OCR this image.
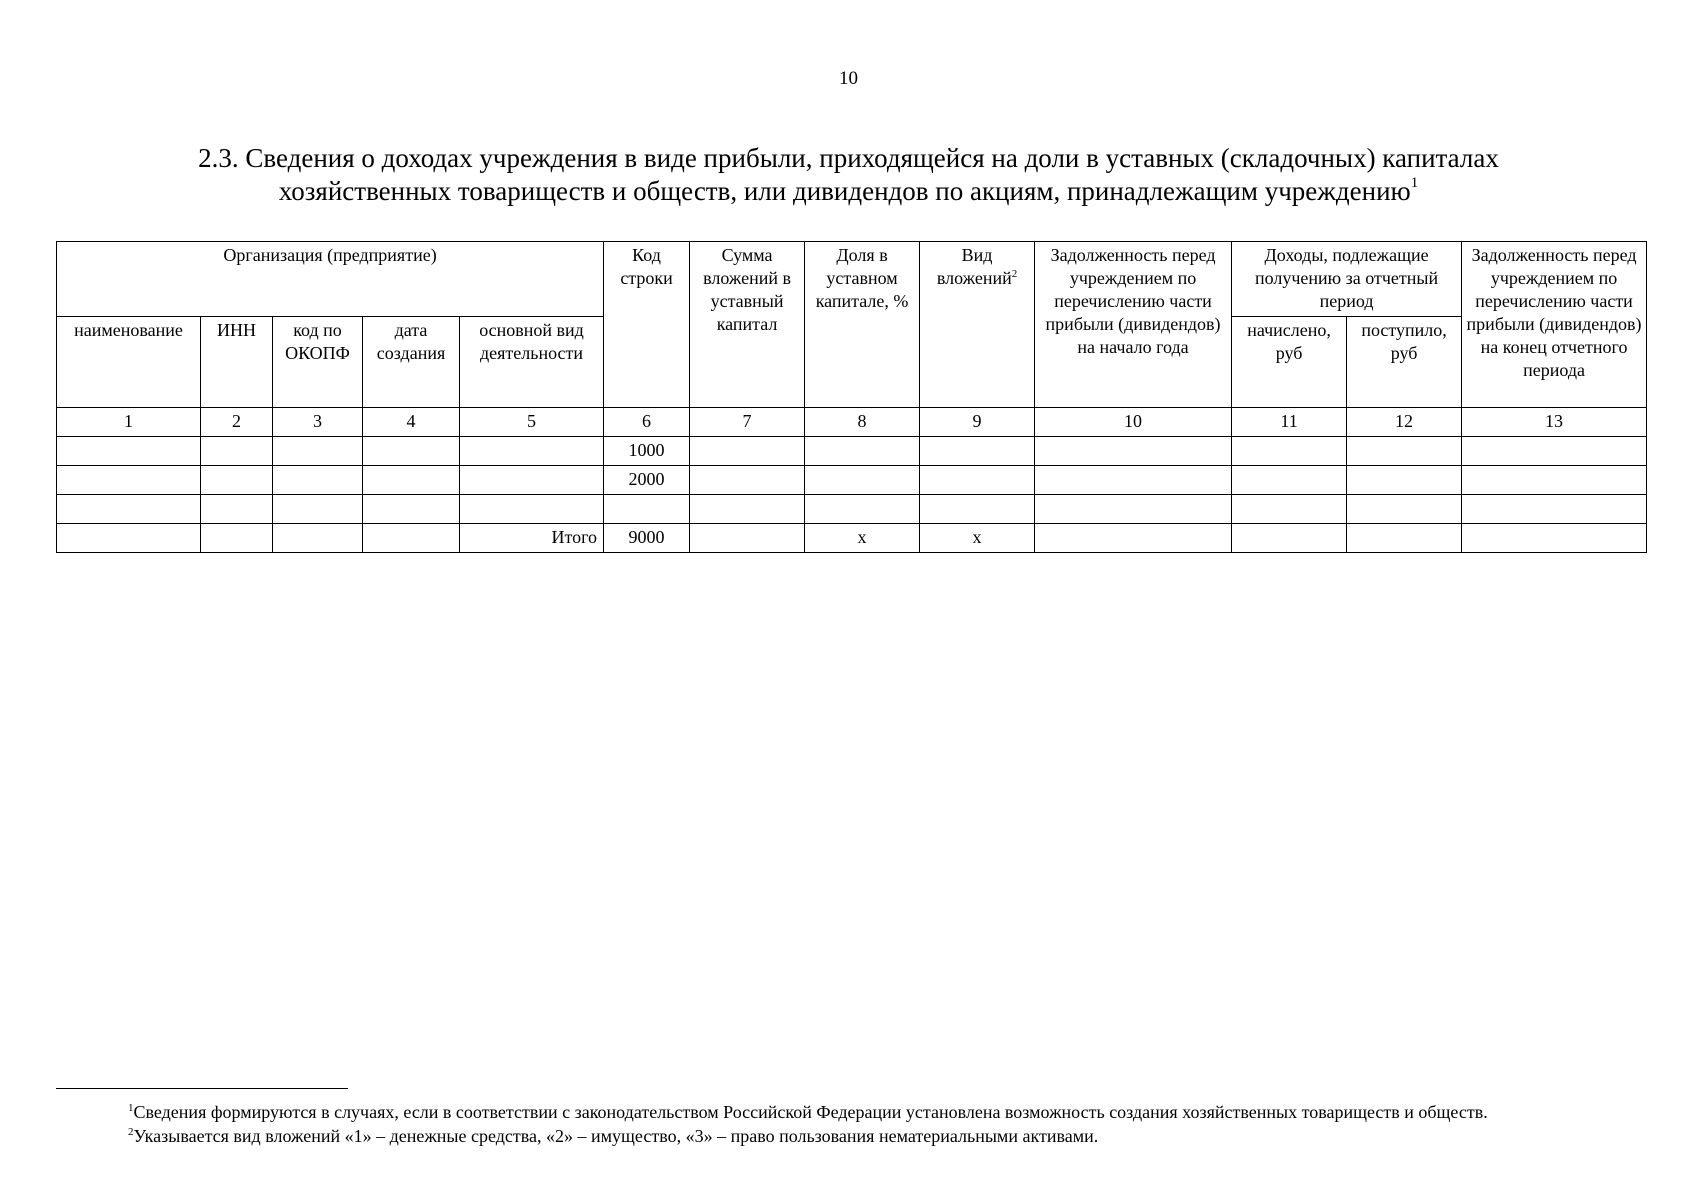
10
2.3. Сведения о доходах учреждения в виде прибыли, приходящейся на доли в уставных (складочных) капиталах
хозяйственных товариществ и обществ, или дивидендов по акциям, принадлежащим учреждению$^1$
Организация (предприятие)					Код строки	Сумма вложений в уставный капитал	Доля в уставном капитале, %	Вид вложений$^2$	Задолженность перед учреждением по перечислению части прибыли (дивидендов) на начало года	Доходы, подлежащие получению за отчетный период		Задолженность перед учреждением по перечислению части прибыли (дивидендов) на конец отчетного периода
наименование	ИНН	код по ОКОПФ	дата создания	основной вид деятельности						начислено, руб	поступило, руб	
1	2	3	4	5	6	7	8	9	10	11	12	13
					1000							
					2000							

				Итого	9000		x	x				
$^1$Сведения формируются в случаях, если в соответствии с законодательством Российской Федерации установлена возможность создания хозяйственных товариществ и обществ.
$^2$Указывается вид вложений «1» – денежные средства, «2» – имущество, «3» – право пользования нематериальными активами.
